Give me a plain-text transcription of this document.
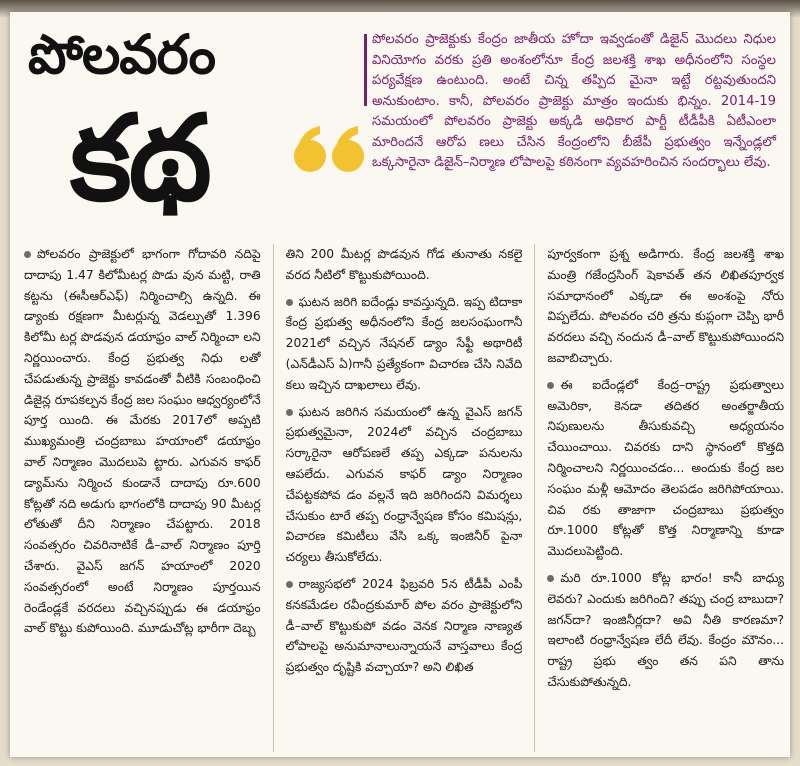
పోలవరం
కథ
పోలవరం ప్రాజెక్టుకు కేంద్రం జాతీయ హోదా ఇవ్వడంతో డిజైన్ మొదలు నిధుల వినియోగం వరకు ప్రతి అంశంలోనూ కేంద్ర జలశక్తి శాఖ అధీనంలోని సంస్థల పర్యవేక్షణ ఉంటుంది. అంటే చిన్న తప్పిద మైనా ఇట్టే రట్టవుతుందని అనుకుంటాం. కానీ, పోలవరం ప్రాజెక్టు మాత్రం ఇందుకు భిన్నం. 2014-19 సమయంలో పోలవరం ప్రాజెక్టు అక్కడి అధికార పార్టీ టీడీపీకి ఏటీఎంలా మారిందనే ఆరోప ణలు చేసిన కేంద్రంలోని బీజేపీ ప్రభుత్వం ఇన్నేండ్లలో ఒక్కసారైనా డిజైన్–నిర్మాణ లోపాలపై కఠినంగా వ్యవహరించిన సందర్భాలు లేవు.

పోలవరం ప్రాజెక్టులో భాగంగా గోదావరి నదిపై దాదాపు 1.47 కిలోమీటర్ల పొడు వున మట్టి, రాతి కట్టను (ఈసీఆర్ఎఫ్) నిర్మించాల్సి ఉన్నది. ఈ డ్యాంకు రక్షణగా మీటర్లున్న వెడల్పుతో 1.396 కిలోమీ టర్ల పొడవున డయాఫ్రం వాల్ నిర్మించా లని నిర్ణయించారు. కేంద్ర ప్రభుత్వ నిధు లతో చేపడుతున్న ప్రాజెక్టు కావడంతో వీటికి సంబంధించి డిజైన్ల రూపకల్పన కేంద్ర జల సంఘం ఆధ్వర్యంలోనే పూర్త యింది. ఈ మేరకు 2017లో అప్పటి ముఖ్యమంత్రి చంద్రబాబు హయాంలో డయాఫ్రం వాల్ నిర్మాణం మొదలుపె ట్టారు. ఎగువన కాఫర్ డ్యామ్‌ను నిర్మించ కుండానే దాదాపు రూ.600 కోట్లతో నది అడుగు భాగంలోకి దాదాపు 90 మీటర్ల లోతుతో దీని నిర్మాణం చేపట్టారు. 2018 సంవత్సరం చివరినాటికే డీ–వాల్ నిర్మాణం పూర్తి చేశారు. వైఎస్ జగన్ హయాంలో 2020 సంవత్సరంలో అంటే నిర్మాణం పూర్తయిన రెండేండ్లకే వరదలు వచ్చినప్పుడు ఈ డయాఫ్రం వాల్ కొట్టు కుపోయింది. మూడుచోట్ల భారీగా దెబ్బ

తిని 200 మీటర్ల పొడవున గోడ తునాతు నకలై వరద నీటిలో కొట్టుకుపోయింది.

ఘటన జరిగి ఐదేండ్లు కావస్తున్నది. ఇప్ప టిదాకా కేంద్ర ప్రభుత్వ అధీనంలోని కేంద్ర జలసంఘంగానీ 2021లో వచ్చిన నేషనల్ డ్యాం సేఫ్టీ అథారిటీ (ఎన్‌డీఎస్ ఏ)గానీ ప్రత్యేకంగా విచారణ చేసి నివేది కలు ఇచ్చిన దాఖలాలు లేవు.

ఘటన జరిగిన సమయంలో ఉన్న వైఎస్ జగన్ ప్రభుత్వమైనా, 2024లో వచ్చిన చంద్రబాబు సర్కారైనా ఆరోపణలే తప్ప ఎక్కడా పనులను ఆపలేదు. ఎగువన కాఫర్ డ్యాం నిర్మాణం చేపట్టకపోవ డం వల్లనే ఇది జరిగిందని విమర్శలు చేసుకుం టారే తప్ప రంధ్రాన్వేషణ కోసం కమిషన్లు, విచారణ కమిటీలు వేసి ఒక్క ఇంజినీర్ పైనా చర్యలు తీసుకోలేదు.

రాజ్యసభలో 2024 ఫిబ్రవరి 5న టీడీపీ ఎంపీ కనకమేడల రవీంద్రకుమార్ పోల వరం ప్రాజెక్టులోని డీ–వాల్ కొట్టుకుపో వడం వెనక నిర్మాణ నాణ్యత లోపాలపై అనుమానాలున్నాయనే వాస్తవాలు కేంద్ర ప్రభుత్వం దృష్టికి వచ్చాయా? అని లిఖిత

పూర్వకంగా ప్రశ్న అడిగారు. కేంద్ర జలశక్తి శాఖ మంత్రి గజేంద్రసింగ్ షెకావత్ తన లిఖితపూర్వక సమాధానంలో ఎక్కడా ఈ అంశంపై నోరు విప్పలేదు. పోలవరం చరి త్రను కుప్లంగా చెప్పి భారీ వరదలు వచ్చి నందున డీ–వాల్ కొట్టుకుపోయిందని జవాబిచ్చారు.

ఈ ఐదేండ్లలో కేంద్ర–రాష్ట్ర ప్రభుత్వాలు అమెరికా, కెనడా తదితర అంతర్జాతీయ నిపుణులను తీసుకువచ్చి అధ్యయనం చేయించాయి. చివరకు దాని స్థానంలో కొత్తది నిర్మించాలని నిర్ణయించడం... అందుకు కేంద్ర జల సంఘం మళ్లీ ఆమోదం తెలపడం జరిగిపోయాయి. చివ రకు తాజాగా చంద్రబాబు ప్రభుత్వం రూ.1000 కోట్లతో కొత్త నిర్మాణాన్ని కూడా మొదలుపెట్టింది.

మరి రూ.1000 కోట్ల భారం! కానీ బాధ్యు లెవరు? ఎందుకు జరిగింది? తప్పు చంద్ర బాబుదా? జగన్‌దా? ఇంజినీర్లదా? అవి నీతి కారణమా? ఇలాంటి రంధ్రాన్వేషణ లేదీ లేవు. కేంద్రం మౌనం... రాష్ట్ర ప్రభు త్వం తన పని తాను చేసుకుపోతున్నది.
